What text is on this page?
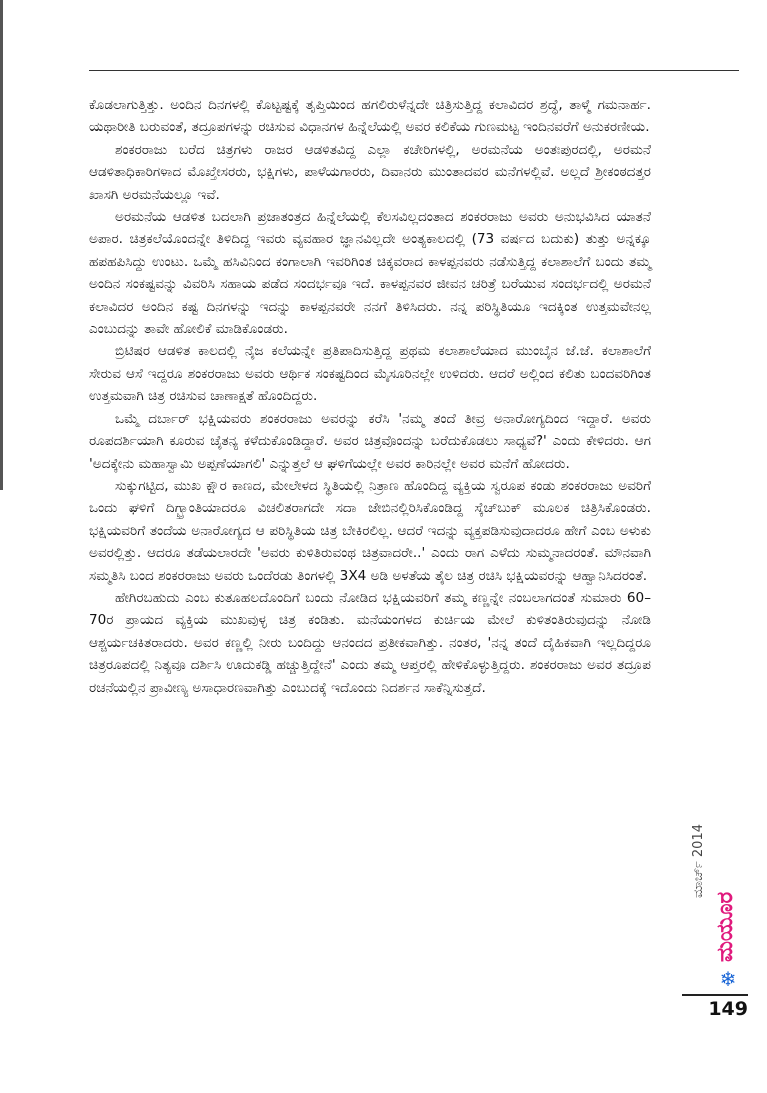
ಕೊಡಲಾಗುತ್ತಿತ್ತು. ಅಂದಿನ ದಿನಗಳಲ್ಲಿ ಕೊಟ್ಟಷ್ಟಕ್ಕೆ ತೃಪ್ತಿಯಿಂದ ಹಗಲಿರುಳೆನ್ನದೇ ಚಿತ್ರಿಸುತ್ತಿದ್ದ ಕಲಾವಿದರ ಶ್ರದ್ಧೆ, ತಾಳ್ಮೆ ಗಮನಾರ್ಹ. ಯಥಾರೀತಿ ಬರುವಂತೆ, ತದ್ರೂಪಗಳನ್ನು ರಚಿಸುವ ವಿಧಾನಗಳ ಹಿನ್ನೆಲೆಯಲ್ಲಿ ಅವರ ಕಲಿಕೆಯ ಗುಣಮಟ್ಟ ಇಂದಿನವರೆಗೆ ಅನುಕರಣೀಯ.

ಶಂಕರರಾಜು ಬರೆದ ಚಿತ್ರಗಳು ರಾಜರ ಆಡಳಿತವಿದ್ದ ಎಲ್ಲಾ ಕಚೇರಿಗಳಲ್ಲಿ, ಅರಮನೆಯ ಅಂತಃಪುರದಲ್ಲಿ, ಅರಮನೆ ಆಡಳಿತಾಧಿಕಾರಿಗಳಾದ ಮೊಖ್ತೇಸರರು, ಭಕ್ಷಿಗಳು, ಪಾಳೆಯಗಾರರು, ದಿವಾನರು ಮುಂತಾದವರ ಮನೆಗಳಲ್ಲಿವೆ. ಅಲ್ಲದೆ ಶ್ರೀಕಂಠದತ್ತರ ಖಾಸಗಿ ಅರಮನೆಯಲ್ಲೂ ಇವೆ.

ಅರಮನೆಯ ಆಡಳಿತ ಬದಲಾಗಿ ಪ್ರಜಾತಂತ್ರದ ಹಿನ್ನೆಲೆಯಲ್ಲಿ ಕೆಲಸವಿಲ್ಲದಂತಾದ ಶಂಕರರಾಜು ಅವರು ಅನುಭವಿಸಿದ ಯಾತನೆ ಅಪಾರ. ಚಿತ್ರಕಲೆಯೊಂದನ್ನೇ ತಿಳಿದಿದ್ದ ಇವರು ವ್ಯವಹಾರ ಜ್ಞಾನವಿಲ್ಲದೇ ಅಂತ್ಯಕಾಲದಲ್ಲಿ (73 ವರ್ಷದ ಬದುಕು) ತುತ್ತು ಅನ್ನಕ್ಕೂ ಹಪಹಪಿಸಿದ್ದು ಉಂಟು. ಒಮ್ಮೆ ಹಸಿವಿನಿಂದ ಕಂಗಾಲಾಗಿ ಇವರಿಗಿಂತ ಚಿಕ್ಕವರಾದ ಕಾಳಪ್ಪನವರು ನಡೆಸುತ್ತಿದ್ದ ಕಲಾಶಾಲೆಗೆ ಬಂದು ತಮ್ಮ ಅಂದಿನ ಸಂಕಷ್ಟವನ್ನು ವಿವರಿಸಿ ಸಹಾಯ ಪಡೆದ ಸಂದರ್ಭವೂ ಇದೆ. ಕಾಳಪ್ಪನವರ ಜೀವನ ಚರಿತ್ರೆ ಬರೆಯುವ ಸಂದರ್ಭದಲ್ಲಿ ಅರಮನೆ ಕಲಾವಿದರ ಅಂದಿನ ಕಷ್ಟ ದಿನಗಳನ್ನು ಇದನ್ನು ಕಾಳಪ್ಪನವರೇ ನನಗೆ ತಿಳಿಸಿದರು. ನನ್ನ ಪರಿಸ್ಥಿತಿಯೂ ಇದಕ್ಕಿಂತ ಉತ್ತಮವೇನಲ್ಲ ಎಂಬುದನ್ನು ತಾವೇ ಹೋಲಿಕೆ ಮಾಡಿಕೊಂಡರು.

ಬ್ರಿಟಿಷರ ಆಡಳಿತ ಕಾಲದಲ್ಲಿ ನೈಜ ಕಲೆಯನ್ನೇ ಪ್ರತಿಪಾದಿಸುತ್ತಿದ್ದ ಪ್ರಥಮ ಕಲಾಶಾಲೆಯಾದ ಮುಂಬೈನ ಜೆ.ಜೆ. ಕಲಾಶಾಲೆಗೆ ಸೇರುವ ಆಸೆ ಇದ್ದರೂ ಶಂಕರರಾಜು ಅವರು ಆರ್ಥಿಕ ಸಂಕಷ್ಟದಿಂದ ಮೈಸೂರಿನಲ್ಲೇ ಉಳಿದರು. ಆದರೆ ಅಲ್ಲಿಂದ ಕಲಿತು ಬಂದವರಿಗಿಂತ ಉತ್ತಮವಾಗಿ ಚಿತ್ರ ರಚಿಸುವ ಚಾಣಾಕ್ಷತೆ ಹೊಂದಿದ್ದರು.

ಒಮ್ಮೆ ದರ್ಬಾರ್ ಭಕ್ಷಿಯವರು ಶಂಕರರಾಜು ಅವರನ್ನು ಕರೆಸಿ 'ನಮ್ಮ ತಂದೆ ತೀವ್ರ ಅನಾರೋಗ್ಯದಿಂದ ಇದ್ದಾರೆ. ಅವರು ರೂಪದರ್ಶಿಯಾಗಿ ಕೂರುವ ಚೈತನ್ಯ ಕಳೆದುಕೊಂಡಿದ್ದಾರೆ. ಅವರ ಚಿತ್ರವೊಂದನ್ನು ಬರೆದುಕೊಡಲು ಸಾಧ್ಯವೆ?' ಎಂದು ಕೇಳಿದರು. ಆಗ 'ಅದಕ್ಕೇನು ಮಹಾಸ್ವಾಮಿ ಅಪ್ಪಣೆಯಾಗಲಿ' ಎನ್ನುತ್ತಲೆ ಆ ಘಳಿಗೆಯಲ್ಲೇ ಅವರ ಕಾರಿನಲ್ಲೇ ಅವರ ಮನೆಗೆ ಹೋದರು.

ಸುಕ್ಕುಗಟ್ಟಿದ, ಮುಖ ಕ್ಷೌರ ಕಾಣದ, ಮೇಲೇಳದ ಸ್ಥಿತಿಯಲ್ಲಿ ನಿತ್ರಾಣ ಹೊಂದಿದ್ದ ವ್ಯಕ್ತಿಯ ಸ್ವರೂಪ ಕಂಡು ಶಂಕರರಾಜು ಅವರಿಗೆ ಒಂದು ಘಳಿಗೆ ದಿಗ್ಭ್ರಾಂತಿಯಾದರೂ ವಿಚಲಿತರಾಗದೇ ಸದಾ ಜೇಬಿನಲ್ಲಿರಿಸಿಕೊಂಡಿದ್ದ ಸ್ಕೆಚ್‌ಬುಕ್ ಮೂಲಕ ಚಿತ್ರಿಸಿಕೊಂಡರು. ಭಕ್ಷಿಯವರಿಗೆ ತಂದೆಯ ಅನಾರೋಗ್ಯದ ಆ ಪರಿಸ್ಥಿತಿಯ ಚಿತ್ರ ಬೇಕಿರಲಿಲ್ಲ. ಆದರೆ ಇದನ್ನು ವ್ಯಕ್ತಪಡಿಸುವುದಾದರೂ ಹೇಗೆ ಎಂಬ ಅಳುಕು ಅವರಲ್ಲಿತ್ತು. ಆದರೂ ತಡೆಯಲಾರದೇ 'ಅವರು ಕುಳಿತಿರುವಂಥ ಚಿತ್ರವಾದರೇ..' ಎಂದು ರಾಗ ಎಳೆದು ಸುಮ್ಮನಾದರಂತೆ. ಮೌನವಾಗಿ ಸಮ್ಮತಿಸಿ ಬಂದ ಶಂಕರರಾಜು ಅವರು ಒಂದೆರಡು ತಿಂಗಳಲ್ಲಿ 3X4 ಅಡಿ ಅಳತೆಯ ತೈಲ ಚಿತ್ರ ರಚಿಸಿ ಭಕ್ಷಿಯವರನ್ನು ಆಹ್ವಾನಿಸಿದರಂತೆ.

ಹೇಗಿರಬಹುದು ಎಂಬ ಕುತೂಹಲದೊಂದಿಗೆ ಬಂದು ನೋಡಿದ ಭಕ್ಷಿಯವರಿಗೆ ತಮ್ಮ ಕಣ್ಣನ್ನೇ ನಂಬಲಾಗದಂತೆ ಸುಮಾರು 60–70ರ ಪ್ರಾಯದ ವ್ಯಕ್ತಿಯ ಮುಖವುಳ್ಳ ಚಿತ್ರ ಕಂಡಿತು. ಮನೆಯಂಗಳದ ಕುರ್ಚಿಯ ಮೇಲೆ ಕುಳಿತಂತಿರುವುದನ್ನು ನೋಡಿ ಆಶ್ಚರ್ಯಚಕಿತರಾದರು. ಅವರ ಕಣ್ಣಲ್ಲಿ ನೀರು ಬಂದಿದ್ದು ಆನಂದದ ಪ್ರತೀಕವಾಗಿತ್ತು. ನಂತರ, 'ನನ್ನ ತಂದೆ ದೈಹಿಕವಾಗಿ ಇಲ್ಲದಿದ್ದರೂ ಚಿತ್ರರೂಪದಲ್ಲಿ ನಿತ್ಯವೂ ದರ್ಶಿಸಿ ಊದುಕಡ್ಡಿ ಹಚ್ಚುತ್ತಿದ್ದೇನೆ' ಎಂದು ತಮ್ಮ ಆಪ್ತರಲ್ಲಿ ಹೇಳಿಕೊಳ್ಳುತ್ತಿದ್ದರು. ಶಂಕರರಾಜು ಅವರ ತದ್ರೂಪ ರಚನೆಯಲ್ಲಿನ ಪ್ರಾವೀಣ್ಯ ಅಸಾಧಾರಣವಾಗಿತ್ತು ಎಂಬುದಕ್ಕೆ ಇದೊಂದು ನಿದರ್ಶನ ಸಾಕೆನ್ನಿಸುತ್ತದೆ.

ಮಾರ್ಚ್ 2014
ಮಯೂರ
❄
149
